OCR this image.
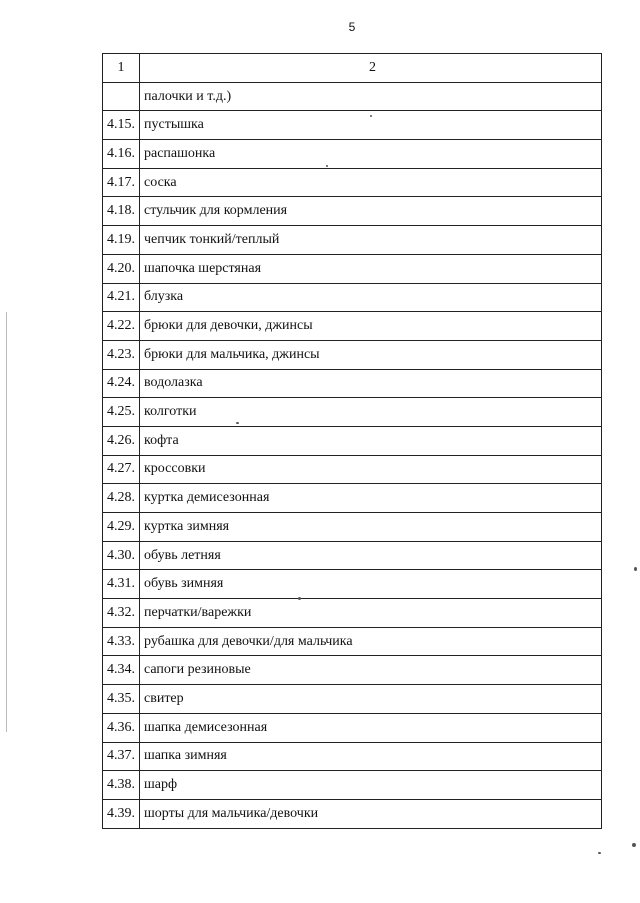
5
1	2
	палочки и т.д.)
4.15.	пустышка
4.16.	распашонка
4.17.	соска
4.18.	стульчик для кормления
4.19.	чепчик тонкий/теплый
4.20.	шапочка шерстяная
4.21.	блузка
4.22.	брюки для девочки, джинсы
4.23.	брюки для мальчика, джинсы
4.24.	водолазка
4.25.	колготки
4.26.	кофта
4.27.	кроссовки
4.28.	куртка демисезонная
4.29.	куртка зимняя
4.30.	обувь летняя
4.31.	обувь зимняя
4.32.	перчатки/варежки
4.33.	рубашка для девочки/для мальчика
4.34.	сапоги резиновые
4.35.	свитер
4.36.	шапка демисезонная
4.37.	шапка зимняя
4.38.	шарф
4.39.	шорты для мальчика/девочки
